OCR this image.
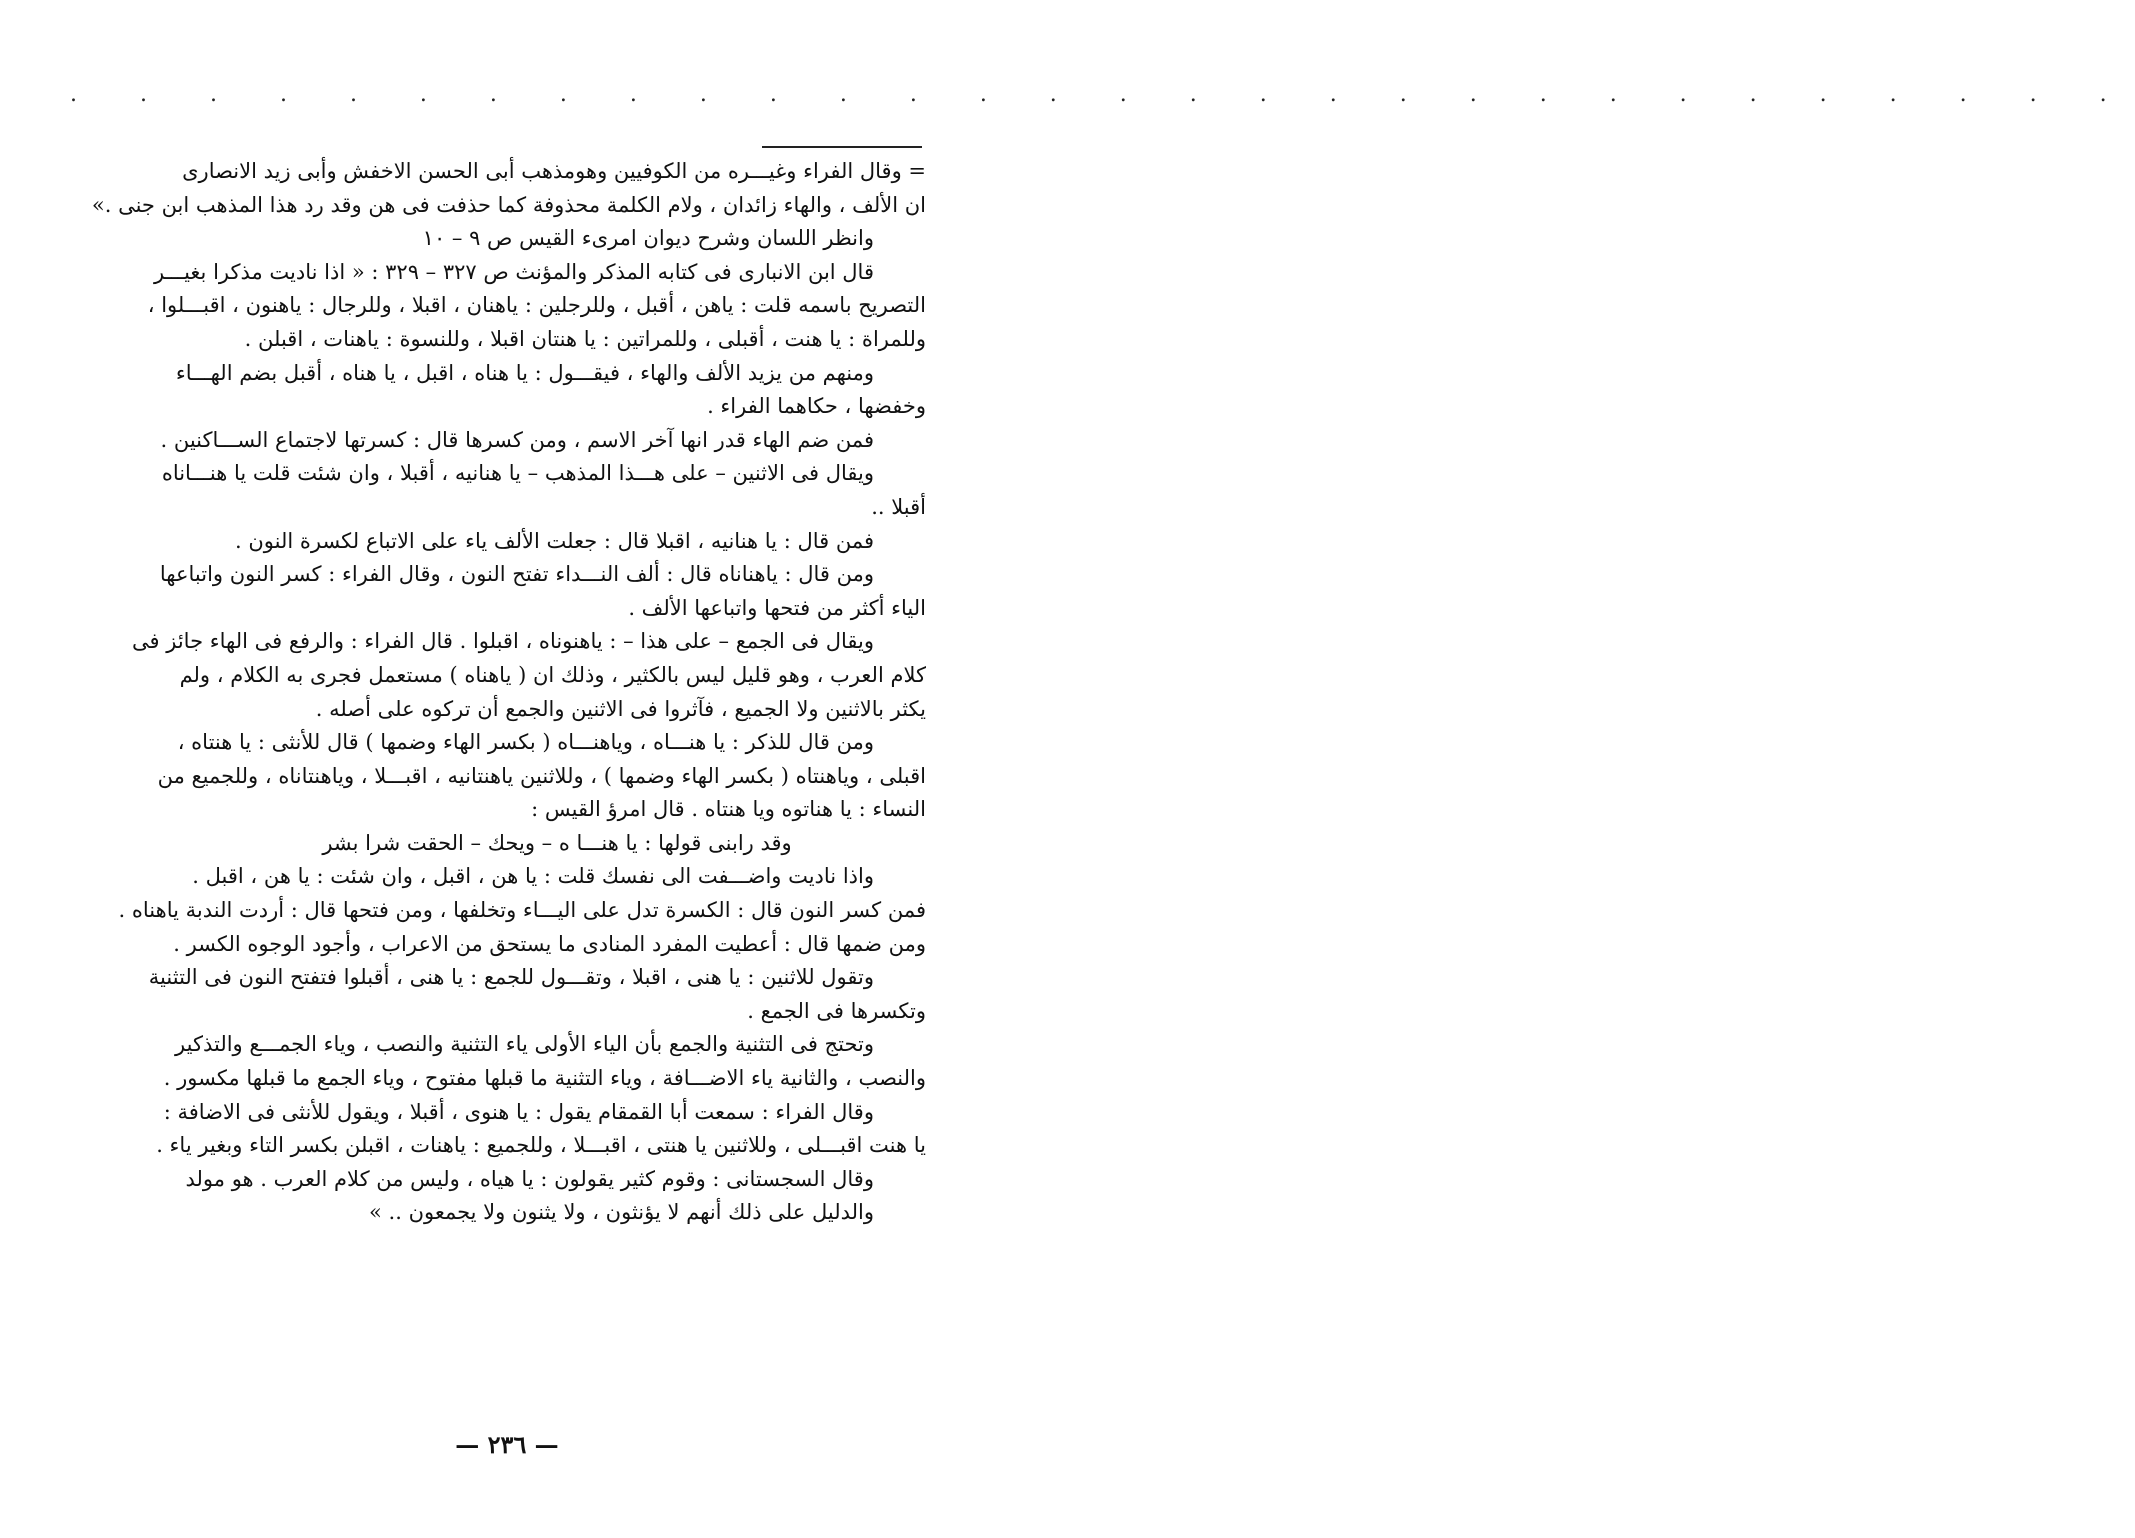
. . . . . . . . . . . . . . . . . . . . . . . . . . . . . .
= وقال الفراء وغيـــره من الكوفيين وهومذهب أبى الحسن الاخفش وأبى زيد الانصارى
ان الألف ، والهاء زائدان ، ولام الكلمة محذوفة كما حذفت فى هن وقد رد هذا المذهب ابن جنى .»
وانظر اللسان وشرح ديوان امرىء القيس ص ٩ – ١٠
قال ابن الانبارى فى كتابه المذكر والمؤنث ص ٣٢٧ – ٣٢٩ : « اذا ناديت مذكرا بغيـــر
التصريح باسمه قلت : ياهن ، أقبل ، وللرجلين : ياهنان ، اقبلا ، وللرجال : ياهنون ، اقبـــلوا ،
وللمراة : يا هنت ، أقبلى ، وللمراتين : يا هنتان اقبلا ، وللنسوة : ياهنات ، اقبلن .
ومنهم من يزيد الألف والهاء ، فيقـــول : يا هناه ، اقبل ، يا هناه ، أقبل بضم الهـــاء
وخفضها ، حكاهما الفراء .
فمن ضم الهاء قدر انها آخر الاسم ، ومن كسرها قال : كسرتها لاجتماع الســـاكنين .
ويقال فى الاثنين – على هـــذا المذهب – يا هنانيه ، أقبلا ، وان شئت قلت يا هنـــاناه
أقبلا ..
فمن قال : يا هنانيه ، اقبلا قال : جعلت الألف ياء على الاتباع لكسرة النون .
ومن قال : ياهناناه قال : ألف النـــداء تفتح النون ، وقال الفراء : كسر النون واتباعها
الياء أكثر من فتحها واتباعها الألف .
ويقال فى الجمع – على هذا – : ياهنوناه ، اقبلوا . قال الفراء : والرفع فى الهاء جائز فى
كلام العرب ، وهو قليل ليس بالكثير ، وذلك ان ( ياهناه ) مستعمل فجرى به الكلام ، ولم
يكثر بالاثنين ولا الجميع ، فآثروا فى الاثنين والجمع أن تركوه على أصله .
ومن قال للذكر : يا هنـــاه ، وياهنـــاه ( بكسر الهاء وضمها ) قال للأنثى : يا هنتاه ،
اقبلى ، وياهنتاه ( بكسر الهاء وضمها ) ، وللاثنين ياهنتانيه ، اقبـــلا ، وياهنتاناه ، وللجميع من
النساء : يا هناتوه ويا هنتاه . قال امرؤ القيس :
وقد رابنى قولها : يا هنـــا ه – ويحك – الحقت شرا بشر
واذا ناديت واضـــفت الى نفسك قلت : يا هن ، اقبل ، وان شئت : يا هن ، اقبل .
فمن كسر النون قال : الكسرة تدل على اليـــاء وتخلفها ، ومن فتحها قال : أردت الندبة ياهناه .
ومن ضمها قال : أعطيت المفرد المنادى ما يستحق من الاعراب ، وأجود الوجوه الكسر .
وتقول للاثنين : يا هنى ، اقبلا ، وتقـــول للجمع : يا هنى ، أقبلوا فتفتح النون فى التثنية
وتكسرها فى الجمع .
وتحتج فى التثنية والجمع بأن الياء الأولى ياء التثنية والنصب ، وياء الجمـــع والتذكير
والنصب ، والثانية ياء الاضـــافة ، وياء التثنية ما قبلها مفتوح ، وياء الجمع ما قبلها مكسور .
وقال الفراء : سمعت أبا القمقام يقول : يا هنوى ، أقبلا ، ويقول للأنثى فى الاضافة :
يا هنت اقبـــلى ، وللاثنين يا هنتى ، اقبـــلا ، وللجميع : ياهنات ، اقبلن بكسر التاء وبغير ياء .
وقال السجستانى : وقوم كثير يقولون : يا هياه ، وليس من كلام العرب . هو مولد
والدليل على ذلك أنهم لا يؤنثون ، ولا يثنون ولا يجمعون .. »
— ٢٣٦ —
